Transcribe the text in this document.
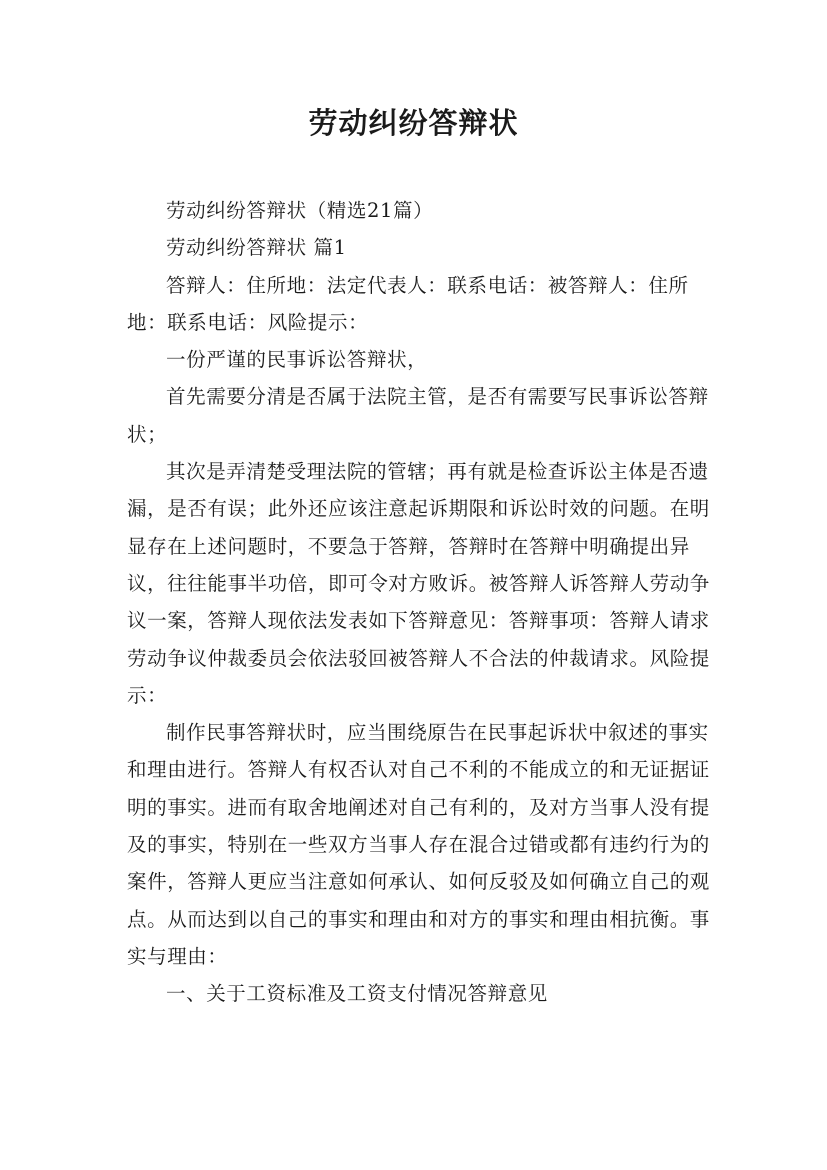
劳动纠纷答辩状

劳动纠纷答辩状（精选21篇）

劳动纠纷答辩状 篇1

答辩人：住所地：法定代表人：联系电话：被答辩人：住所地：联系电话：风险提示：

一份严谨的民事诉讼答辩状，

首先需要分清是否属于法院主管，是否有需要写民事诉讼答辩状；

其次是弄清楚受理法院的管辖；再有就是检查诉讼主体是否遗漏，是否有误；此外还应该注意起诉期限和诉讼时效的问题。在明显存在上述问题时，不要急于答辩，答辩时在答辩中明确提出异议，往往能事半功倍，即可令对方败诉。被答辩人诉答辩人劳动争议一案，答辩人现依法发表如下答辩意见：答辩事项：答辩人请求劳动争议仲裁委员会依法驳回被答辩人不合法的仲裁请求。风险提示：

制作民事答辩状时，应当围绕原告在民事起诉状中叙述的事实和理由进行。答辩人有权否认对自己不利的不能成立的和无证据证明的事实。进而有取舍地阐述对自己有利的，及对方当事人没有提及的事实，特别在一些双方当事人存在混合过错或都有违约行为的案件，答辩人更应当注意如何承认、如何反驳及如何确立自己的观点。从而达到以自己的事实和理由和对方的事实和理由相抗衡。事实与理由：

一、关于工资标准及工资支付情况答辩意见
